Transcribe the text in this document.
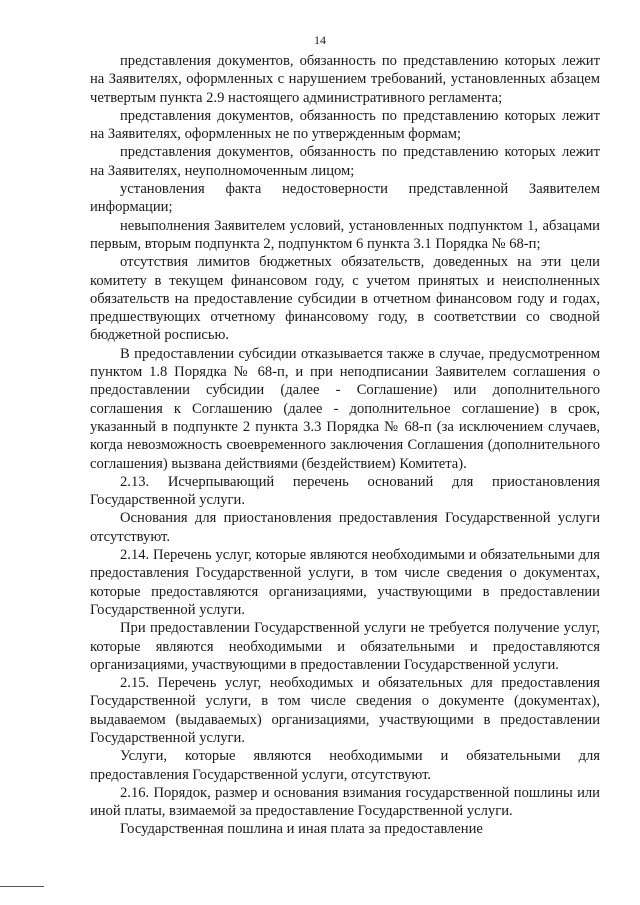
14

представления документов, обязанность по представлению которых лежит на Заявителях, оформленных с нарушением требований, установленных абзацем четвертым пункта 2.9 настоящего административного регламента;

представления документов, обязанность по представлению которых лежит на Заявителях, оформленных не по утвержденным формам;

представления документов, обязанность по представлению которых лежит на Заявителях, неуполномоченным лицом;

установления факта недостоверности представленной Заявителем информации;

невыполнения Заявителем условий, установленных подпунктом 1, абзацами первым, вторым подпункта 2, подпунктом 6 пункта 3.1 Порядка № 68-п;

отсутствия лимитов бюджетных обязательств, доведенных на эти цели комитету в текущем финансовом году, с учетом принятых и неисполненных обязательств на предоставление субсидии в отчетном финансовом году и годах, предшествующих отчетному финансовому году, в соответствии со сводной бюджетной росписью.

В предоставлении субсидии отказывается также в случае, предусмотренном пунктом 1.8 Порядка № 68-п, и при неподписании Заявителем соглашения о предоставлении субсидии (далее - Соглашение) или дополнительного соглашения к Соглашению (далее - дополнительное соглашение) в срок, указанный в подпункте 2 пункта 3.3 Порядка № 68-п (за исключением случаев, когда невозможность своевременного заключения Соглашения (дополнительного соглашения) вызвана действиями (бездействием) Комитета).

2.13. Исчерпывающий перечень оснований для приостановления Государственной услуги.

Основания для приостановления предоставления Государственной услуги отсутствуют.

2.14. Перечень услуг, которые являются необходимыми и обязательными для предоставления Государственной услуги, в том числе сведения о документах, которые предоставляются организациями, участвующими в предоставлении Государственной услуги.

При предоставлении Государственной услуги не требуется получение услуг, которые являются необходимыми и обязательными и предоставляются организациями, участвующими в предоставлении Государственной услуги.

2.15. Перечень услуг, необходимых и обязательных для предоставления Государственной услуги, в том числе сведения о документе (документах), выдаваемом (выдаваемых) организациями, участвующими в предоставлении Государственной услуги.

Услуги, которые являются необходимыми и обязательными для предоставления Государственной услуги, отсутствуют.

2.16. Порядок, размер и основания взимания государственной пошлины или иной платы, взимаемой за предоставление Государственной услуги.

Государственная пошлина и иная плата за предоставление
